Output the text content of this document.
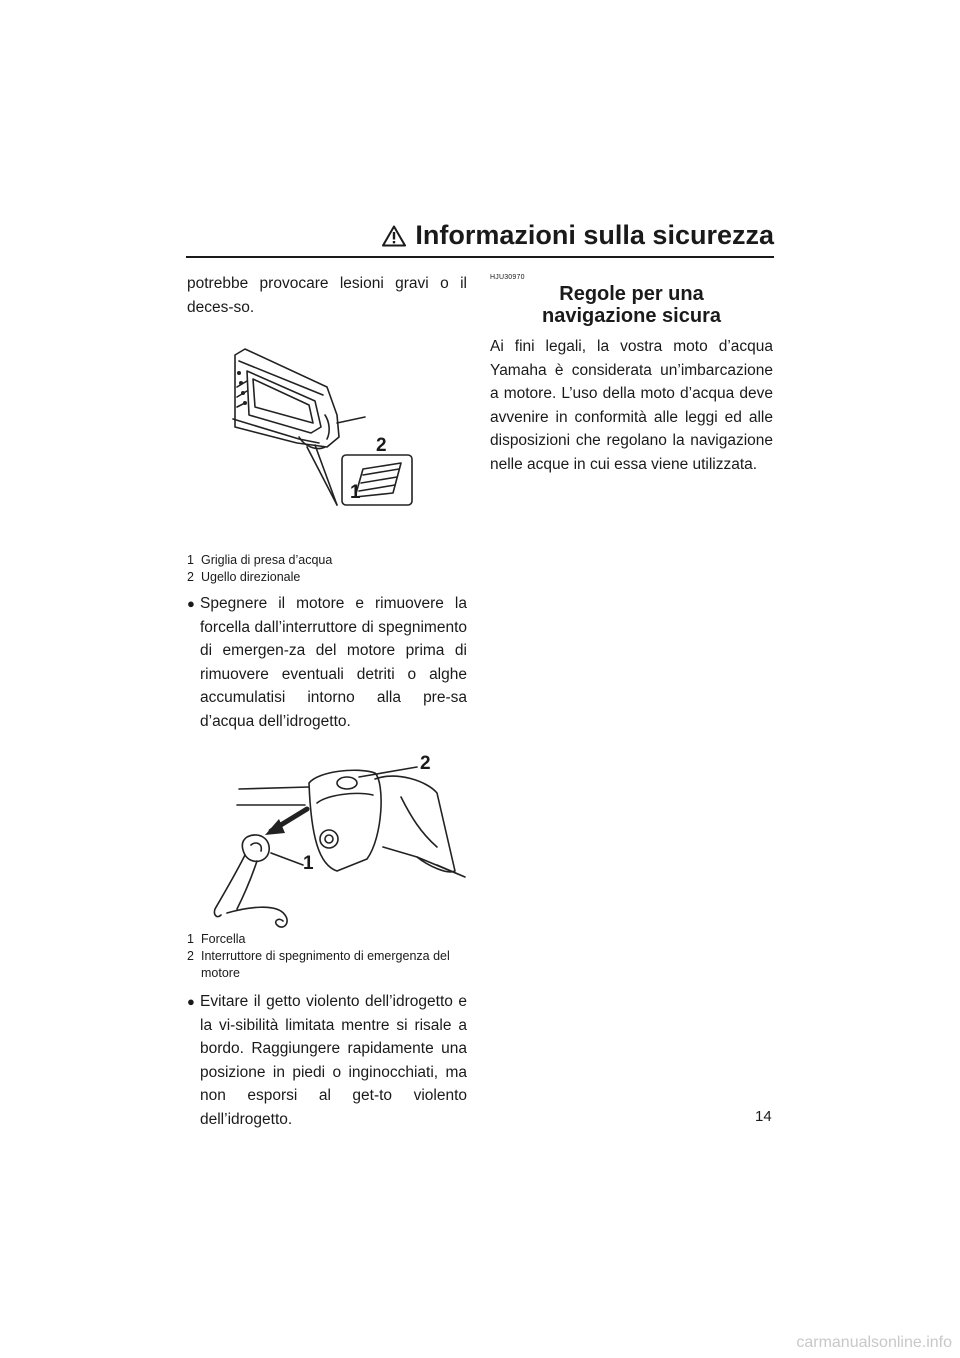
Informazioni sulla sicurezza

potrebbe provocare lesioni gravi o il deces-so.

2
1
1 Griglia di presa d’acqua
2 Ugello direzionale
● Spegnere il motore e rimuovere la forcella dall’interruttore di spegnimento di emergen-za del motore prima di rimuovere eventuali detriti o alghe accumulatisi intorno alla pre-sa d’acqua dell’idrogetto.

2
1
1 Forcella
2 Interruttore di spegnimento di emergenza del motore
● Evitare il getto violento dell’idrogetto e la vi-sibilità limitata mentre si risale a bordo. Raggiungere rapidamente una posizione in piedi o inginocchiati, ma non esporsi al get-to violento dell’idrogetto.

HJU30970
Regole per una navigazione sicura

Ai fini legali, la vostra moto d’acqua Yamaha è considerata un’imbarcazione a motore. L’uso della moto d’acqua deve avvenire in conformità alle leggi ed alle disposizioni che regolano la navigazione nelle acque in cui essa viene utilizzata.

14
carmanualsonline.info
